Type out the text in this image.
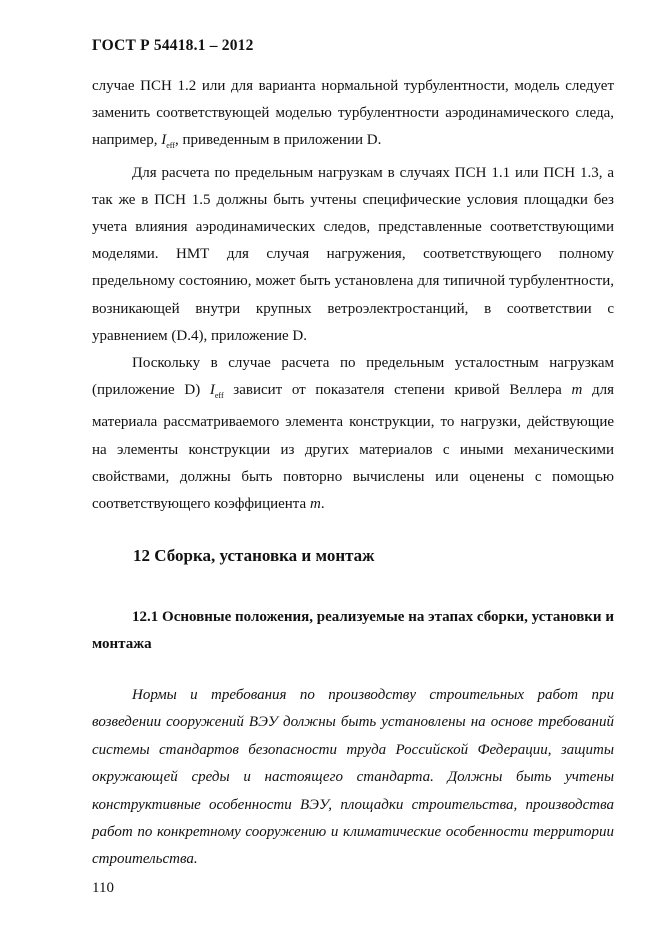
ГОСТ Р 54418.1 – 2012

случае ПСН 1.2 или для варианта нормальной турбулентности, модель следует заменить соответствующей моделью турбулентности аэродинамического следа, например, $I_{eff}$, приведенным в приложении D.

Для расчета по предельным нагрузкам в случаях ПСН 1.1 или ПСН 1.3, а так же в ПСН 1.5 должны быть учтены специфические условия площадки без учета влияния аэродинамических следов, представленные соответствующими моделями. НМТ для случая нагружения, соответствующего полному предельному состоянию, может быть установлена для типичной турбулентности, возникающей внутри крупных ветроэлектростанций, в соответствии с уравнением (D.4), приложение D.

Поскольку в случае расчета по предельным усталостным нагрузкам (приложение D) $I_{eff}$ зависит от показателя степени кривой Веллера m для материала рассматриваемого элемента конструкции, то нагрузки, действующие на элементы конструкции из других материалов с иными механическими свойствами, должны быть повторно вычислены или оценены с помощью соответствующего коэффициента m.

12 Сборка, установка и монтаж
12.1 Основные положения, реализуемые на этапах сборки, установки и монтажа
Нормы и требования по производству строительных работ при возведении сооружений ВЭУ должны быть установлены на основе требований системы стандартов безопасности труда Российской Федерации, защиты окружающей среды и настоящего стандарта. Должны быть учтены конструктивные особенности ВЭУ, площадки строительства, производства работ по конкретному сооружению и климатические особенности территории строительства.
110
